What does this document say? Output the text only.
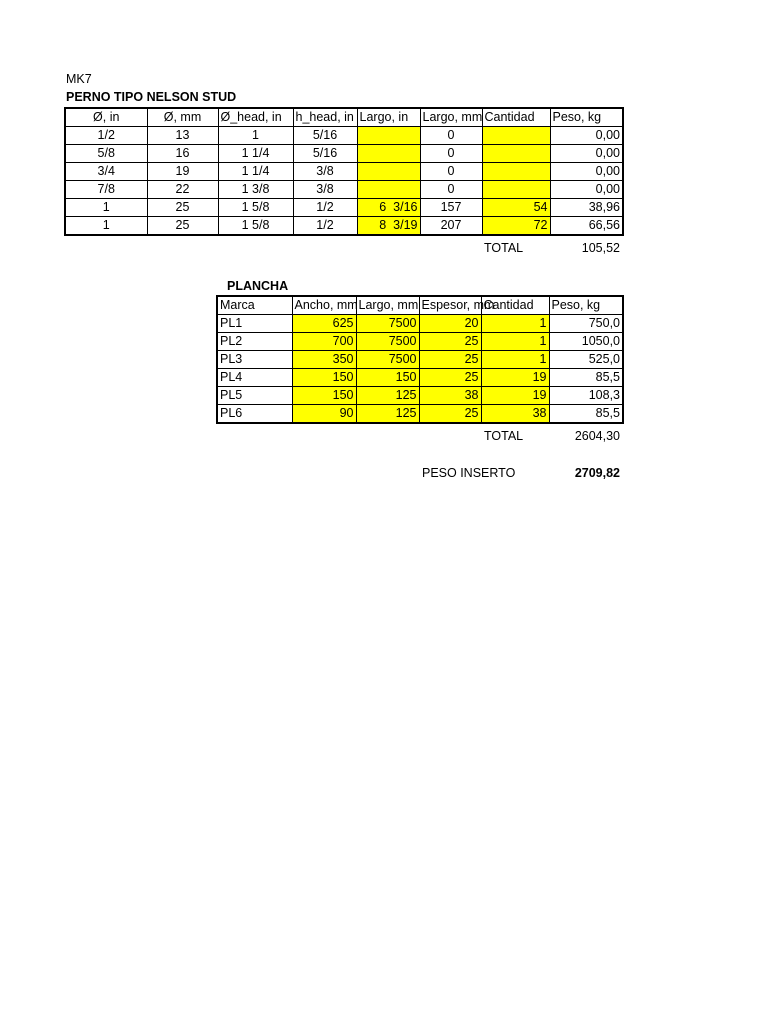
MK7
PERNO TIPO NELSON STUD
Ø, in	Ø, mm	Ø_head, in	h_head, in	Largo, in	Largo, mm	Cantidad	Peso, kg
1/2	13	1	5/16		0		0,00
5/8	16	1 1/4	5/16		0		0,00
3/4	19	1 1/4	3/8		0		0,00
7/8	22	1 3/8	3/8		0		0,00
1	25	1 5/8	1/2	6  3/16	157	54	38,96
1	25	1 5/8	1/2	8  3/19	207	72	66,56
TOTAL	105,52
PLANCHA
Marca	Ancho, mm	Largo, mm	Espesor, mm	Cantidad	Peso, kg
PL1	625	7500	20	1	750,0
PL2	700	7500	25	1	1050,0
PL3	350	7500	25	1	525,0
PL4	150	150	25	19	85,5
PL5	150	125	38	19	108,3
PL6	90	125	25	38	85,5
TOTAL	2604,30
PESO INSERTO	2709,82
